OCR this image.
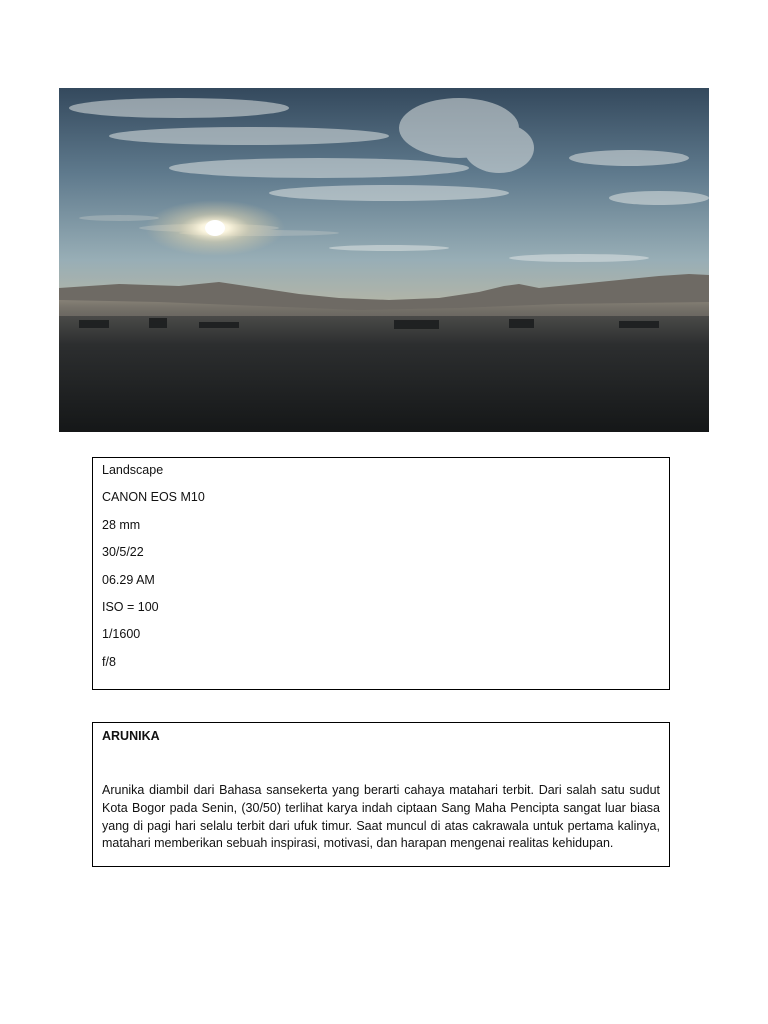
Landscape

CANON EOS M10

28 mm

30/5/22

06.29 AM

ISO = 100

1/1600

f/8

ARUNIKA

Arunika diambil dari Bahasa sansekerta yang berarti cahaya matahari terbit. Dari salah satu sudut Kota Bogor pada Senin, (30/50) terlihat karya indah ciptaan Sang Maha Pencipta sangat luar biasa yang di pagi hari selalu terbit dari ufuk timur. Saat muncul di atas cakrawala untuk pertama kalinya, matahari memberikan sebuah inspirasi, motivasi, dan harapan mengenai realitas kehidupan.
